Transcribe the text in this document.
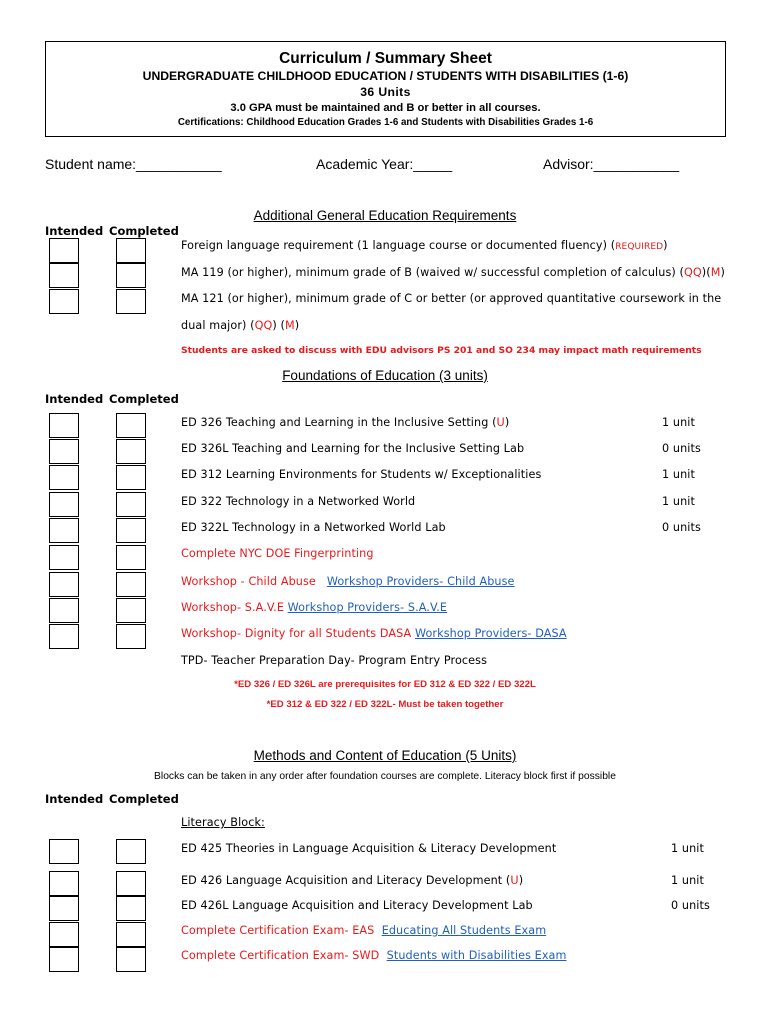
Curriculum / Summary Sheet
UNDERGRADUATE CHILDHOOD EDUCATION / STUDENTS WITH DISABILITIES (1-6)
36 Units
3.0 GPA must be maintained and B or better in all courses.
Certifications: Childhood Education Grades 1-6 and Students with Disabilities Grades 1-6
Student name:___________	Academic Year:_____	Advisor:___________
Additional General Education Requirements
Intended Completed
Foreign language requirement (1 language course or documented fluency) (REQUIRED)
MA 119 (or higher), minimum grade of B (waived w/ successful completion of calculus) (QQ)(M)
MA 121 (or higher), minimum grade of C or better (or approved quantitative coursework in the
dual major) (QQ) (M)
Students are asked to discuss with EDU advisors PS 201 and SO 234 may impact math requirements
Foundations of Education (3 units)
Intended Completed
ED 326 Teaching and Learning in the Inclusive Setting (U)	1 unit
ED 326L Teaching and Learning for the Inclusive Setting Lab	0 units
ED 312 Learning Environments for Students w/ Exceptionalities	1 unit
ED 322 Technology in a Networked World	1 unit
ED 322L Technology in a Networked World Lab	0 units
Complete NYC DOE Fingerprinting
Workshop - Child Abuse Workshop Providers- Child Abuse
Workshop- S.A.V.E Workshop Providers- S.A.V.E
Workshop- Dignity for all Students DASA Workshop Providers- DASA
TPD- Teacher Preparation Day- Program Entry Process
*ED 326 / ED 326L are prerequisites for ED 312 & ED 322 / ED 322L
*ED 312 & ED 322 / ED 322L- Must be taken together
Methods and Content of Education (5 Units)
Blocks can be taken in any order after foundation courses are complete. Literacy block first if possible
Intended Completed
Literacy Block:
ED 425 Theories in Language Acquisition & Literacy Development	1 unit
ED 426 Language Acquisition and Literacy Development (U)	1 unit
ED 426L Language Acquisition and Literacy Development Lab	0 units
Complete Certification Exam- EAS Educating All Students Exam
Complete Certification Exam- SWD Students with Disabilities Exam
